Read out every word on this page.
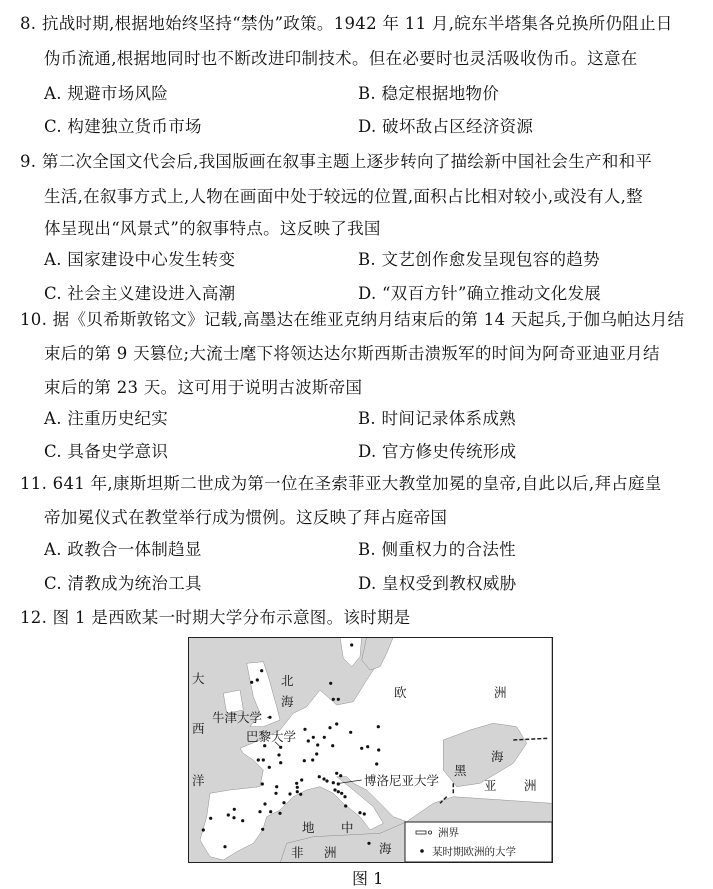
8. 抗战时期,根据地始终坚持“禁伪”政策。1942 年 11 月,皖东半塔集各兑换所仍阻止日
伪币流通,根据地同时也不断改进印制技术。但在必要时也灵活吸收伪币。这意在
A. 规避市场风险	B. 稳定根据地物价
C. 构建独立货币市场	D. 破坏敌占区经济资源
9. 第二次全国文代会后,我国版画在叙事主题上逐步转向了描绘新中国社会生产和和平
生活,在叙事方式上,人物在画面中处于较远的位置,面积占比相对较小,或没有人,整
体呈现出“风景式”的叙事特点。这反映了我国
A. 国家建设中心发生转变	B. 文艺创作愈发呈现包容的趋势
C. 社会主义建设进入高潮	D. “双百方针”确立推动文化发展
10. 据《贝希斯敦铭文》记载,高墨达在维亚克纳月结束后的第 14 天起兵,于伽乌帕达月结
束后的第 9 天篡位;大流士麾下将领达达尔斯西斯击溃叛军的时间为阿奇亚迪亚月结
束后的第 23 天。这可用于说明古波斯帝国
A. 注重历史纪实	B. 时间记录体系成熟
C. 具备史学意识	D. 官方修史传统形成
11. 641 年,康斯坦斯二世成为第一位在圣索菲亚大教堂加冕的皇帝,自此以后,拜占庭皇
帝加冕仪式在教堂举行成为惯例。这反映了拜占庭帝国
A. 政教合一体制趋显	B. 侧重权力的合法性
C. 清教成为统治工具	D. 皇权受到教权威胁
12. 图 1 是西欧某一时期大学分布示意图。该时期是
大
西
洋
北
海
欧	洲
牛津大学
巴黎大学
博洛尼亚大学
黑
海
亚 洲
地 中
海
非 洲
洲界
某时期欧洲的大学
图 1
